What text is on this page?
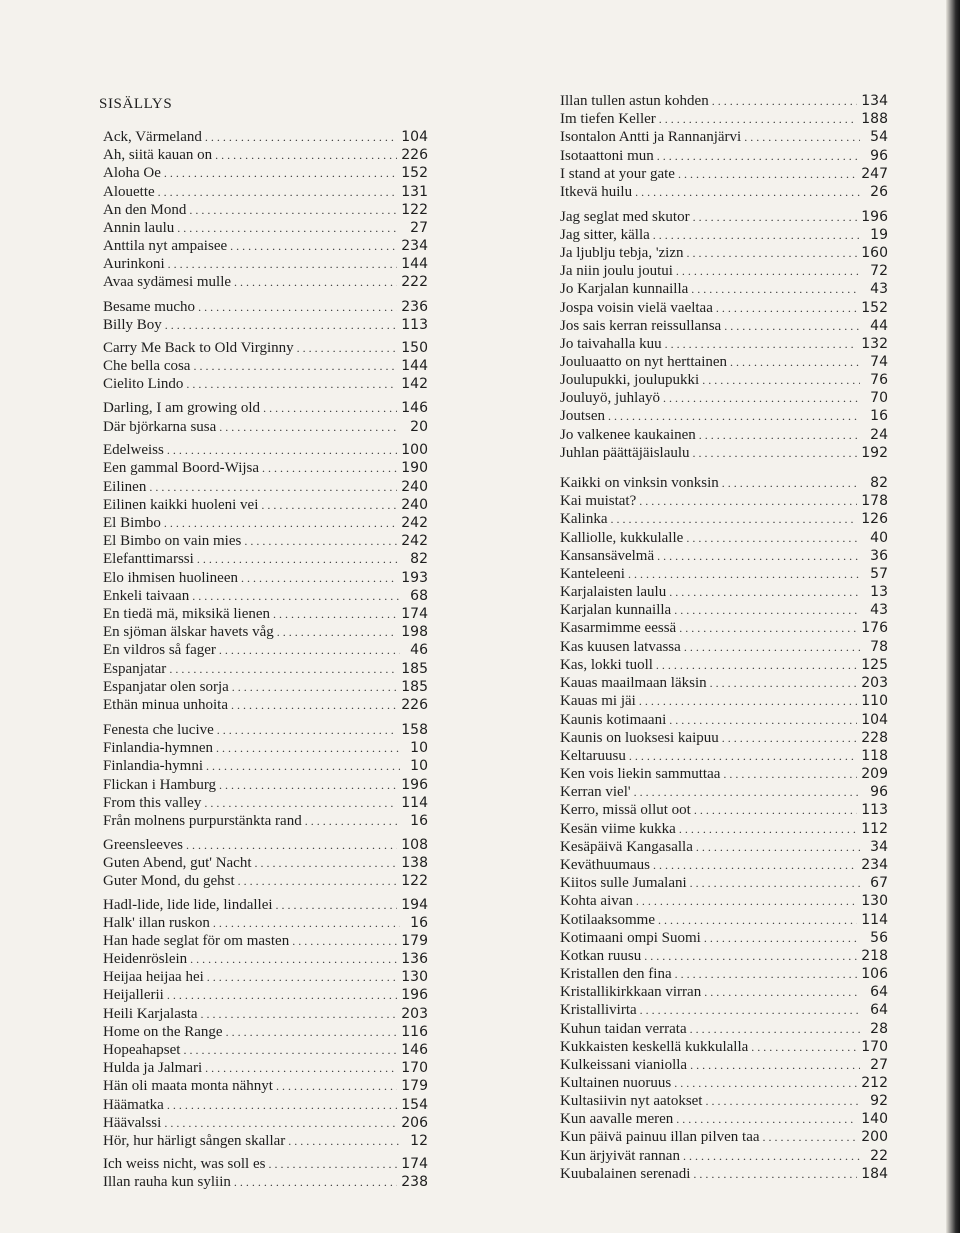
SISÄLLYS
Ack, Värmeland . . .	104
Ah, siitä kauan on . . .	226
Aloha Oe . . .	152
Alouette . . .	131
An den Mond . . .	122
Annin laulu . . .	27
Anttila nyt ampaisee . . .	234
Aurinkoni . . .	144
Avaa sydämesi mulle . . .	222
Besame mucho . . .	236
Billy Boy . . .	113
Carry Me Back to Old Virginny . . .	150
Che bella cosa . . .	144
Cielito Lindo . . .	142
Darling, I am growing old . . .	146
Där björkarna susa . . .	20
Edelweiss . . .	100
Een gammal Boord-Wijsa . . .	190
Eilinen . . .	240
Eilinen kaikki huoleni vei . . .	240
El Bimbo . . .	242
El Bimbo on vain mies . . .	242
Elefanttimarssi . . .	82
Elo ihmisen huolineen . . .	193
Enkeli taivaan . . .	68
En tiedä mä, miksikä lienen . . .	174
En sjöman älskar havets våg . . .	198
En vildros så fager . . .	46
Espanjatar . . .	185
Espanjatar olen sorja . . .	185
Ethän minua unhoita . . .	226
Fenesta che lucive . . .	158
Finlandia-hymnen . . .	10
Finlandia-hymni . . .	10
Flickan i Hamburg . . .	196
From this valley . . .	114
Från molnens purpurstänkta rand . . .	16
Greensleeves . . .	108
Guten Abend, gut' Nacht . . .	138
Guter Mond, du gehst . . .	122
Hadl-lide, lide lide, lindallei . . .	194
Halk' illan ruskon . . .	16
Han hade seglat för om masten . . .	179
Heidenröslein . . .	136
Heijaa heijaa hei . . .	130
Heijallerii . . .	196
Heili Karjalasta . . .	203
Home on the Range . . .	116
Hopeahapset . . .	146
Hulda ja Jalmari . . .	170
Hän oli maata monta nähnyt . . .	179
Häämatka . . .	154
Häävalssi . . .	206
Hör, hur härligt sången skallar . . .	12
Ich weiss nicht, was soll es . . .	174
Illan rauha kun syliin . . .	238
Illan tullen astun kohden . . .	134
Im tiefen Keller . . .	188
Isontalon Antti ja Rannanjärvi . . .	54
Isotaattoni mun . . .	96
I stand at your gate . . .	247
Itkevä huilu . . .	26
Jag seglat med skutor . . .	196
Jag sitter, källa . . .	19
Ja ljublju tebja, 'zizn . . .	160
Ja niin joulu joutui . . .	72
Jo Karjalan kunnailla . . .	43
Jospa voisin vielä vaeltaa . . .	152
Jos sais kerran reissullansa . . .	44
Jo taivahalla kuu . . .	132
Jouluaatto on nyt herttainen . . .	74
Joulupukki, joulupukki . . .	76
Jouluyö, juhlayö . . .	70
Joutsen . . .	16
Jo valkenee kaukainen . . .	24
Juhlan päättäjäislaulu . . .	192
Kaikki on vinksin vonksin . . .	82
Kai muistat? . . .	178
Kalinka . . .	126
Kalliolle, kukkulalle . . .	40
Kansansävelmä . . .	36
Kanteleeni . . .	57
Karjalaisten laulu . . .	13
Karjalan kunnailla . . .	43
Kasarmimme eessä . . .	176
Kas kuusen latvassa . . .	78
Kas, lokki tuoll . . .	125
Kauas maailmaan läksin . . .	203
Kauas mi jäi . . .	110
Kaunis kotimaani . . .	104
Kaunis on luoksesi kaipuu . . .	228
Keltaruusu . . .	118
Ken vois liekin sammuttaa . . .	209
Kerran viel' . . .	96
Kerro, missä ollut oot . . .	113
Kesän viime kukka . . .	112
Kesäpäivä Kangasalla . . .	34
Keväthuumaus . . .	234
Kiitos sulle Jumalani . . .	67
Kohta aivan . . .	130
Kotilaaksomme . . .	114
Kotimaani ompi Suomi . . .	56
Kotkan ruusu . . .	218
Kristallen den fina . . .	106
Kristallikirkkaan virran . . .	64
Kristallivirta . . .	64
Kuhun taidan verrata . . .	28
Kukkaisten keskellä kukkulalla . . .	170
Kulkeissani vianiolla . . .	27
Kultainen nuoruus . . .	212
Kultasiivin nyt aatokset . . .	92
Kun aavalle meren . . .	140
Kun päivä painuu illan pilven taa . . .	200
Kun ärjyivät rannan . . .	22
Kuubalainen serenadi . . .	184
